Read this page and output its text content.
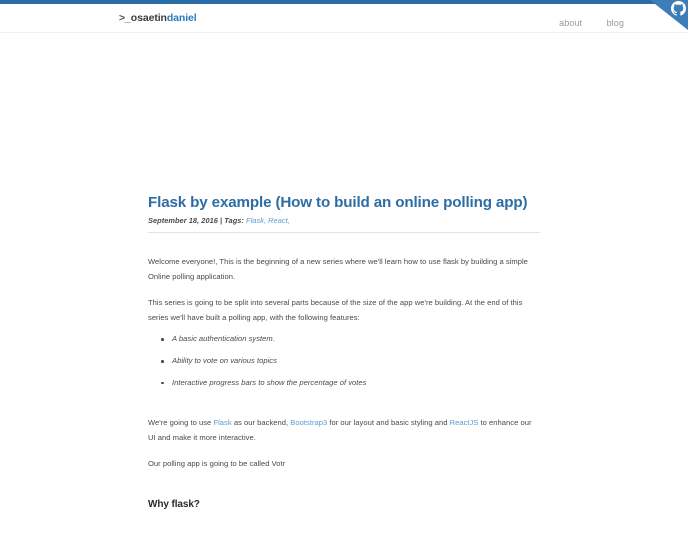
>_osaetindaniel	about	blog
Flask by example (How to build an online polling app)
September 18, 2016 | Tags: Flask, React,

Welcome everyone!, This is the beginning of a new series where we'll learn how to use flask by building a simple Online polling application.

This series is going to be split into several parts because of the size of the app we're building. At the end of this series we'll have built a polling app, with the following features:

A basic authentication system.
Ability to vote on various topics
Interactive progress bars to show the percentage of votes

We're going to use Flask as our backend, Bootstrap3 for our layout and basic styling and ReactJS to enhance our UI and make it more interactive.

Our polling app is going to be called Votr

Why flask?
